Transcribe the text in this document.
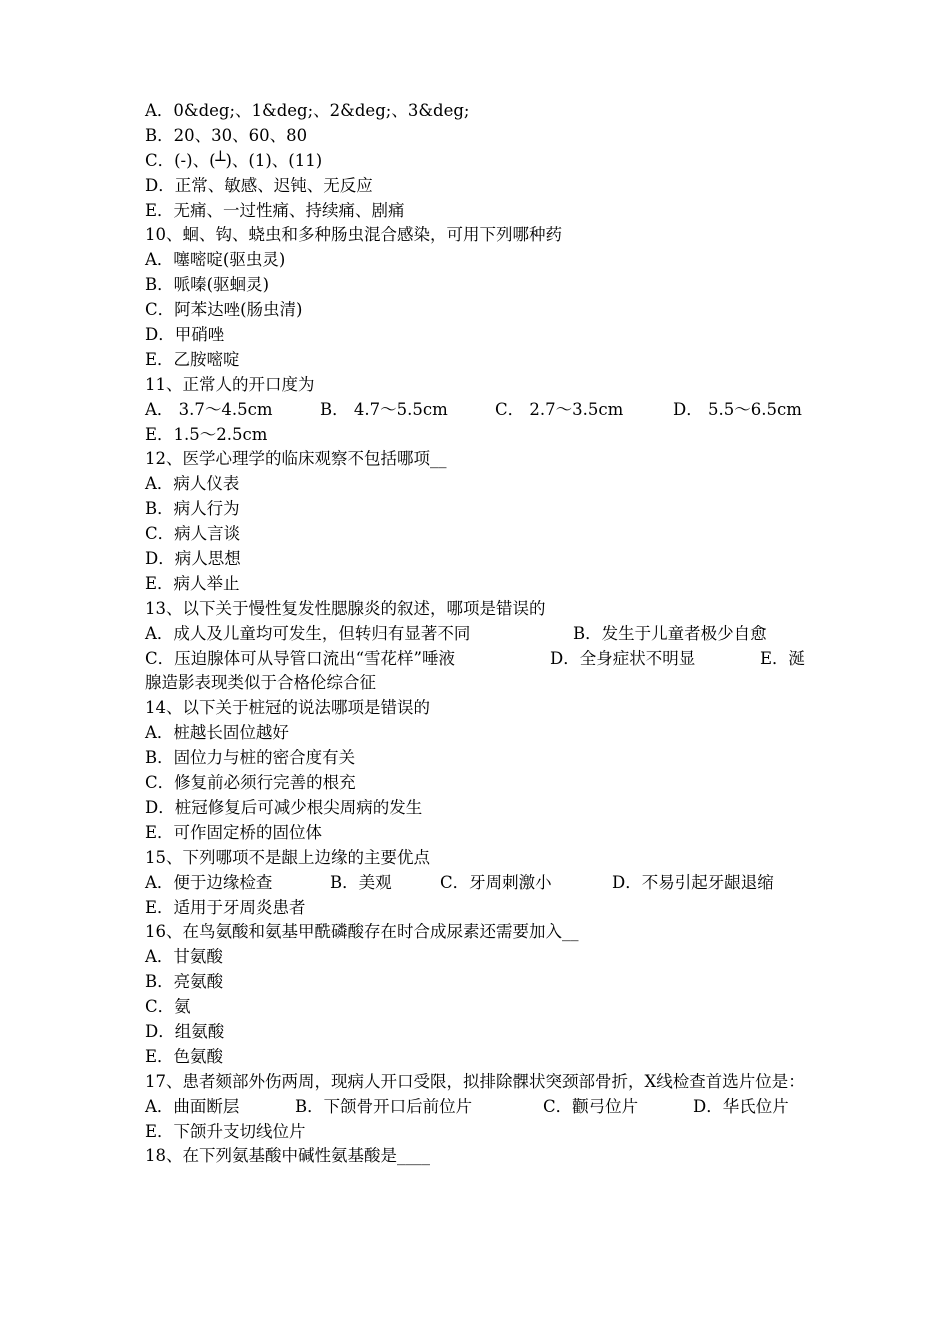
A．0&deg;、1&deg;、2&deg;、3&deg;
B．20、30、60、80
C．(-)、(┴)、(1)、(11)
D．正常、敏感、迟钝、无反应
E．无痛、一过性痛、持续痛、剧痛
10、蛔、钩、蛲虫和多种肠虫混合感染，可用下列哪种药
A．噻嘧啶(驱虫灵)
B．哌嗪(驱蛔灵)
C．阿苯达唑(肠虫清)
D．甲硝唑
E．乙胺嘧啶
11、正常人的开口度为
A． 3.7～4.5cm	B． 4.7～5.5cm	C． 2.7～3.5cm	D． 5.5～6.5cm
E．1.5～2.5cm
12、医学心理学的临床观察不包括哪项__
A．病人仪表
B．病人行为
C．病人言谈
D．病人思想
E．病人举止
13、以下关于慢性复发性腮腺炎的叙述，哪项是错误的
A．成人及儿童均可发生，但转归有显著不同	B．发生于儿童者极少自愈
C．压迫腺体可从导管口流出“雪花样”唾液	D．全身症状不明显	E．涎
腺造影表现类似于合格伦综合征
14、以下关于桩冠的说法哪项是错误的
A．桩越长固位越好
B．固位力与桩的密合度有关
C．修复前必须行完善的根充
D．桩冠修复后可减少根尖周病的发生
E．可作固定桥的固位体
15、下列哪项不是龈上边缘的主要优点
A．便于边缘检查	B．美观	C．牙周刺激小	D．不易引起牙龈退缩
E．适用于牙周炎患者
16、在鸟氨酸和氨基甲酰磷酸存在时合成尿素还需要加入__
A．甘氨酸
B．亮氨酸
C．氨
D．组氨酸
E．色氨酸
17、患者颏部外伤两周，现病人开口受限，拟排除髁状突颈部骨折，X线检查首选片位是：
A．曲面断层	B．下颌骨开口后前位片	C．颧弓位片	D．华氏位片
E．下颌升支切线位片
18、在下列氨基酸中碱性氨基酸是____
